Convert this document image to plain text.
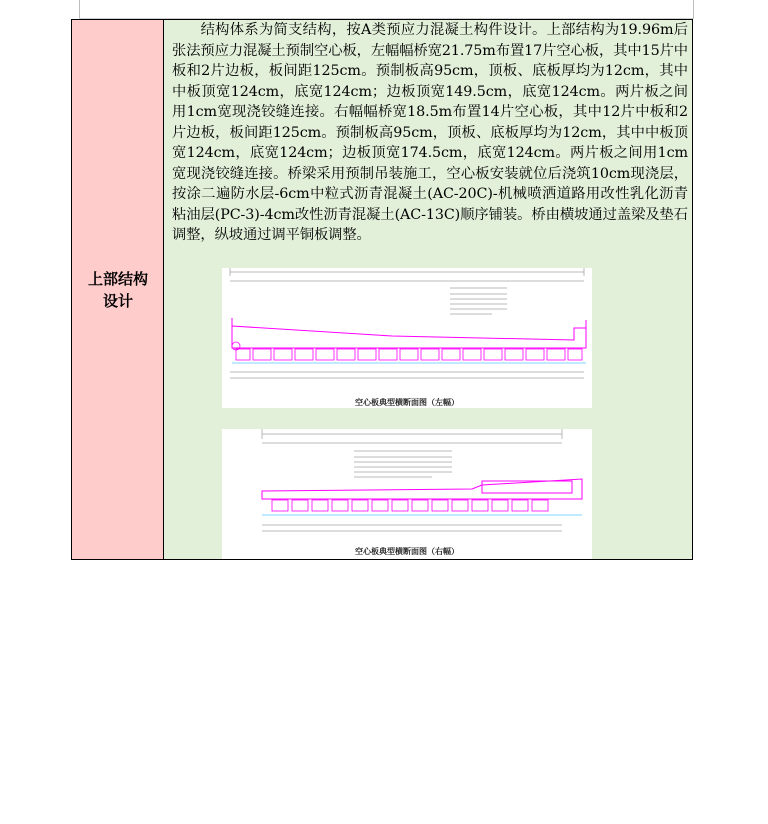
上部结构
设计

结构体系为简支结构，按A类预应力混凝土构件设计。上部结构为19.96m后张法预应力混凝土预制空心板，左幅幅桥宽21.75m布置17片空心板，其中15片中板和2片边板，板间距125cm。预制板高95cm，顶板、底板厚均为12cm，其中中板顶宽124cm，底宽124cm；边板顶宽149.5cm，底宽124cm。两片板之间用1cm宽现浇铰缝连接。右幅幅桥宽18.5m布置14片空心板，其中12片中板和2片边板，板间距125cm。预制板高95cm，顶板、底板厚均为12cm，其中中板顶宽124cm，底宽124cm；边板顶宽174.5cm，底宽124cm。两片板之间用1cm宽现浇铰缝连接。桥梁采用预制吊装施工，空心板安装就位后浇筑10cm现浇层，按涂二遍防水层-6cm中粒式沥青混凝土(AC-20C)-机械喷洒道路用改性乳化沥青粘油层(PC-3)-4cm改性沥青混凝土(AC-13C)顺序铺装。桥由横坡通过盖梁及垫石调整，纵坡通过调平铜板调整。

空心板典型横断面图（左幅）
空心板典型横断面图（右幅）
